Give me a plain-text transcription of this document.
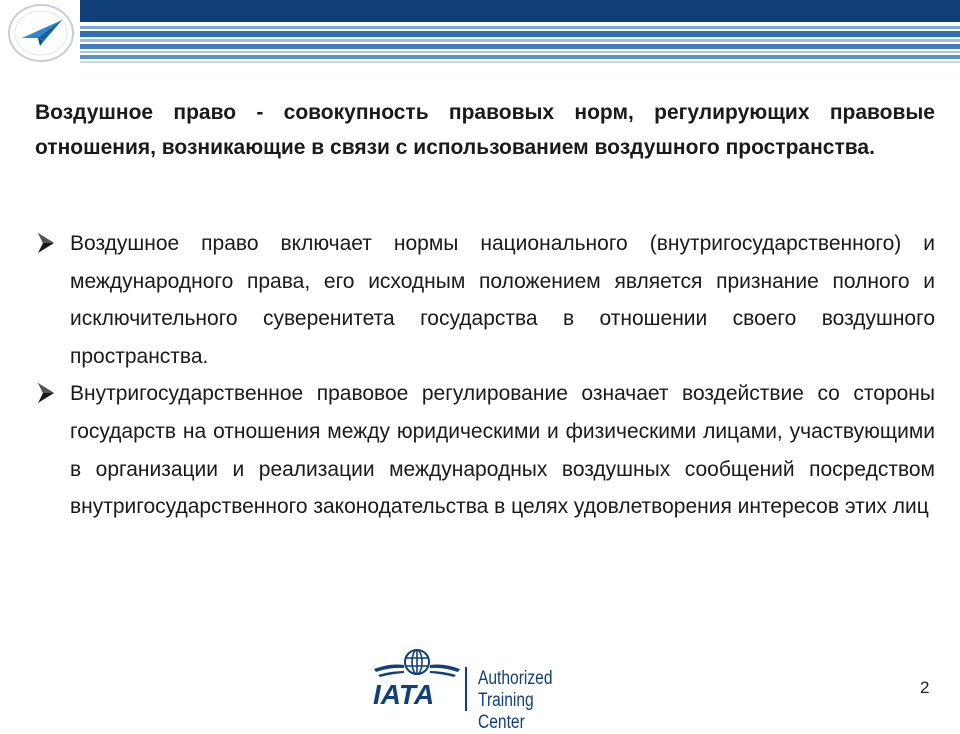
Воздушное право - совокупность правовых норм, регулирующих правовые отношения, возникающие в связи с использованием воздушного пространства.
Воздушное право включает нормы национального (внутригосударственного) и международного права, его исходным положением является признание полного и исключительного суверенитета государства в отношении своего воздушного пространства.
Внутригосударственное правовое регулирование означает воздействие со стороны государств на отношения между юридическими и физическими лицами, участвующими в организации и реализации международных воздушных сообщений посредством внутригосударственного законодательства в целях удовлетворения интересов этих лиц
IATA
Authorized
Training Center
2
